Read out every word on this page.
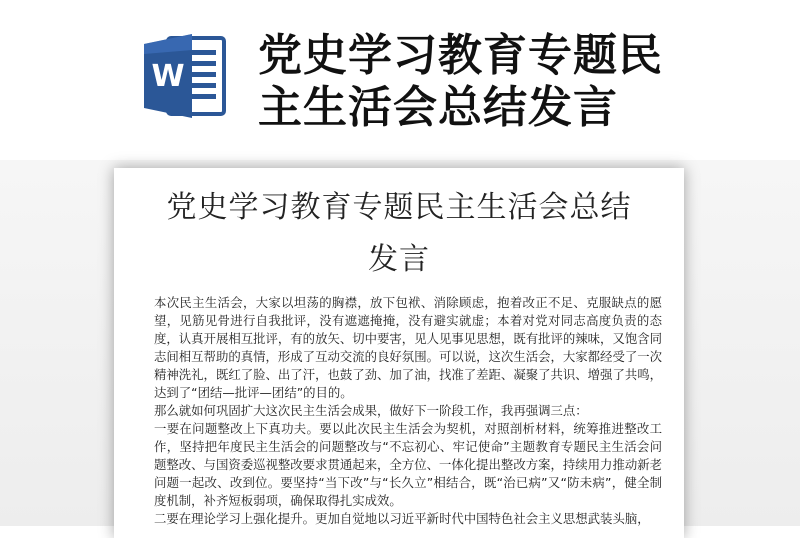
W 党史学习教育专题民
主生活会总结发言
党史学习教育专题民主生活会总结
发言

本次民主生活会，大家以坦荡的胸襟，放下包袱、消除顾虑，抱着改正不足、克服缺点的愿望，见筋见骨进行自我批评，没有遮遮掩掩，没有避实就虚；本着对党对同志高度负责的态度，认真开展相互批评，有的放矢、切中要害，见人见事见思想，既有批评的辣味，又饱含同志间相互帮助的真情，形成了互动交流的良好氛围。可以说，这次生活会，大家都经受了一次精神洗礼，既红了脸、出了汗，也鼓了劲、加了油，找准了差距、凝聚了共识、增强了共鸣，达到了“团结—批评—团结”的目的。

那么就如何巩固扩大这次民主生活会成果，做好下一阶段工作，我再强调三点：

一要在问题整改上下真功夫。要以此次民主生活会为契机，对照剖析材料，统筹推进整改工作，坚持把年度民主生活会的问题整改与“不忘初心、牢记使命”主题教育专题民主生活会问题整改、与国资委巡视整改要求贯通起来，全方位、一体化提出整改方案，持续用力推动新老问题一起改、改到位。要坚持“当下改”与“长久立”相结合，既“治已病”又“防未病”，健全制度机制，补齐短板弱项，确保取得扎实成效。

二要在理论学习上强化提升。更加自觉地以习近平新时代中国特色社会主义思想武装头脑，
